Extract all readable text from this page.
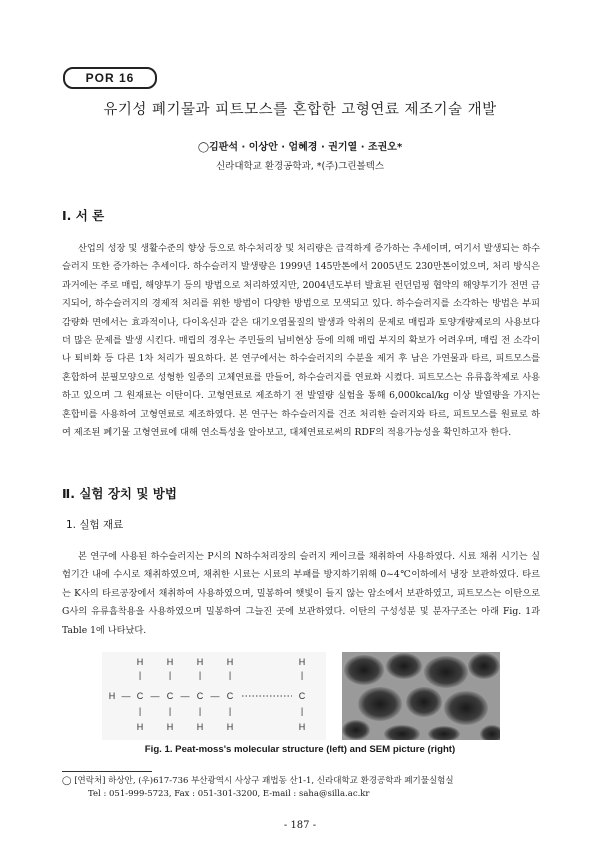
POR 16
유기성 폐기물과 피트모스를 혼합한 고형연료 제조기술 개발
◯김판석 · 이상안 · 엄혜경 · 권기열 · 조권오*
신라대학교 환경공학과, *(주)그린볼텍스
Ⅰ. 서 론

산업의 성장 및 생활수준의 향상 등으로 하수처리장 및 처리량은 급격하게 증가하는 추세이며, 여기서 발생되는 하수 슬러지 또한 증가하는 추세이다. 하수슬러지 발생량은 1999년 145만톤에서 2005년도 230만톤이었으며, 처리 방식은 과거에는 주로 매립, 해양투기 등의 방법으로 처리하였지만, 2004년도부터 발효된 런던덤핑 협약의 해양투기가 전면 금지되어, 하수슬러지의 경제적 처리를 위한 방법이 다양한 방법으로 모색되고 있다. 하수슬러지를 소각하는 방법은 부피 감량화 면에서는 효과적이나, 다이옥신과 같은 대기오염물질의 발생과 악취의 문제로 매립과 토양개량제로의 사용보다 더 많은 문제를 발생 시킨다. 매립의 경우는 주민들의 님비현상 등에 의해 매립 부지의 확보가 어려우며, 매립 전 소각이나 퇴비화 등 다른 1차 처리가 필요하다. 본 연구에서는 하수슬러지의 수분을 제거 후 남은 가연물과 타르, 피트모스를 혼합하여 분필모양으로 성형한 일종의 고체연료를 만들어, 하수슬러지를 연료화 시켰다. 피트모스는 유류흡착제로 사용하고 있으며 그 원재료는 이탄이다. 고형연료로 제조하기 전 발열량 실험을 통해 6,000kcal/kg 이상 발열량을 가지는 혼합비를 사용하여 고형연료로 제조하였다. 본 연구는 하수슬러지를 건조 처리한 슬러지와 타르, 피트모스를 원료로 하여 제조된 폐기물 고형연료에 대해 연소특성을 알아보고, 대체연료로써의 RDF의 적용가능성을 확인하고자 한다.

Ⅱ. 실험 장치 및 방법
1. 실험 재료

본 연구에 사용된 하수슬러지는 P시의 N하수처리장의 슬러지 케이크를 채취하여 사용하였다. 시료 채취 시기는 실험기간 내에 수시로 채취하였으며, 채취한 시료는 시료의 부패를 방지하기위해 0~4℃이하에서 냉장 보관하였다. 타르는 K사의 타르공장에서 채취하여 사용하였으며, 밀봉하여 햇빛이 들지 않는 암소에서 보관하였고, 피트모스는 이탄으로 G사의 유류흡착용을 사용하였으며 밀봉하여 그늘진 곳에 보관하였다. 이탄의 구성성분 및 분자구조는 아래 Fig. 1과 Table 1에 나타났다.

H — C
H
|
|
H
— C
H
|
|
H
— C
H
|
|
H
— C
H
|
|
H
C
H
|
|
H
Fig. 1. Peat-moss's molecular structure (left) and SEM picture (right)
◯ [연락처] 하상안, (우)617-736 부산광역시 사상구 괘법동 산1-1, 신라대학교 환경공학과 폐기물실험실
Tel : 051-999-5723, Fax : 051-301-3200, E-mail : saha@silla.ac.kr
- 187 -
